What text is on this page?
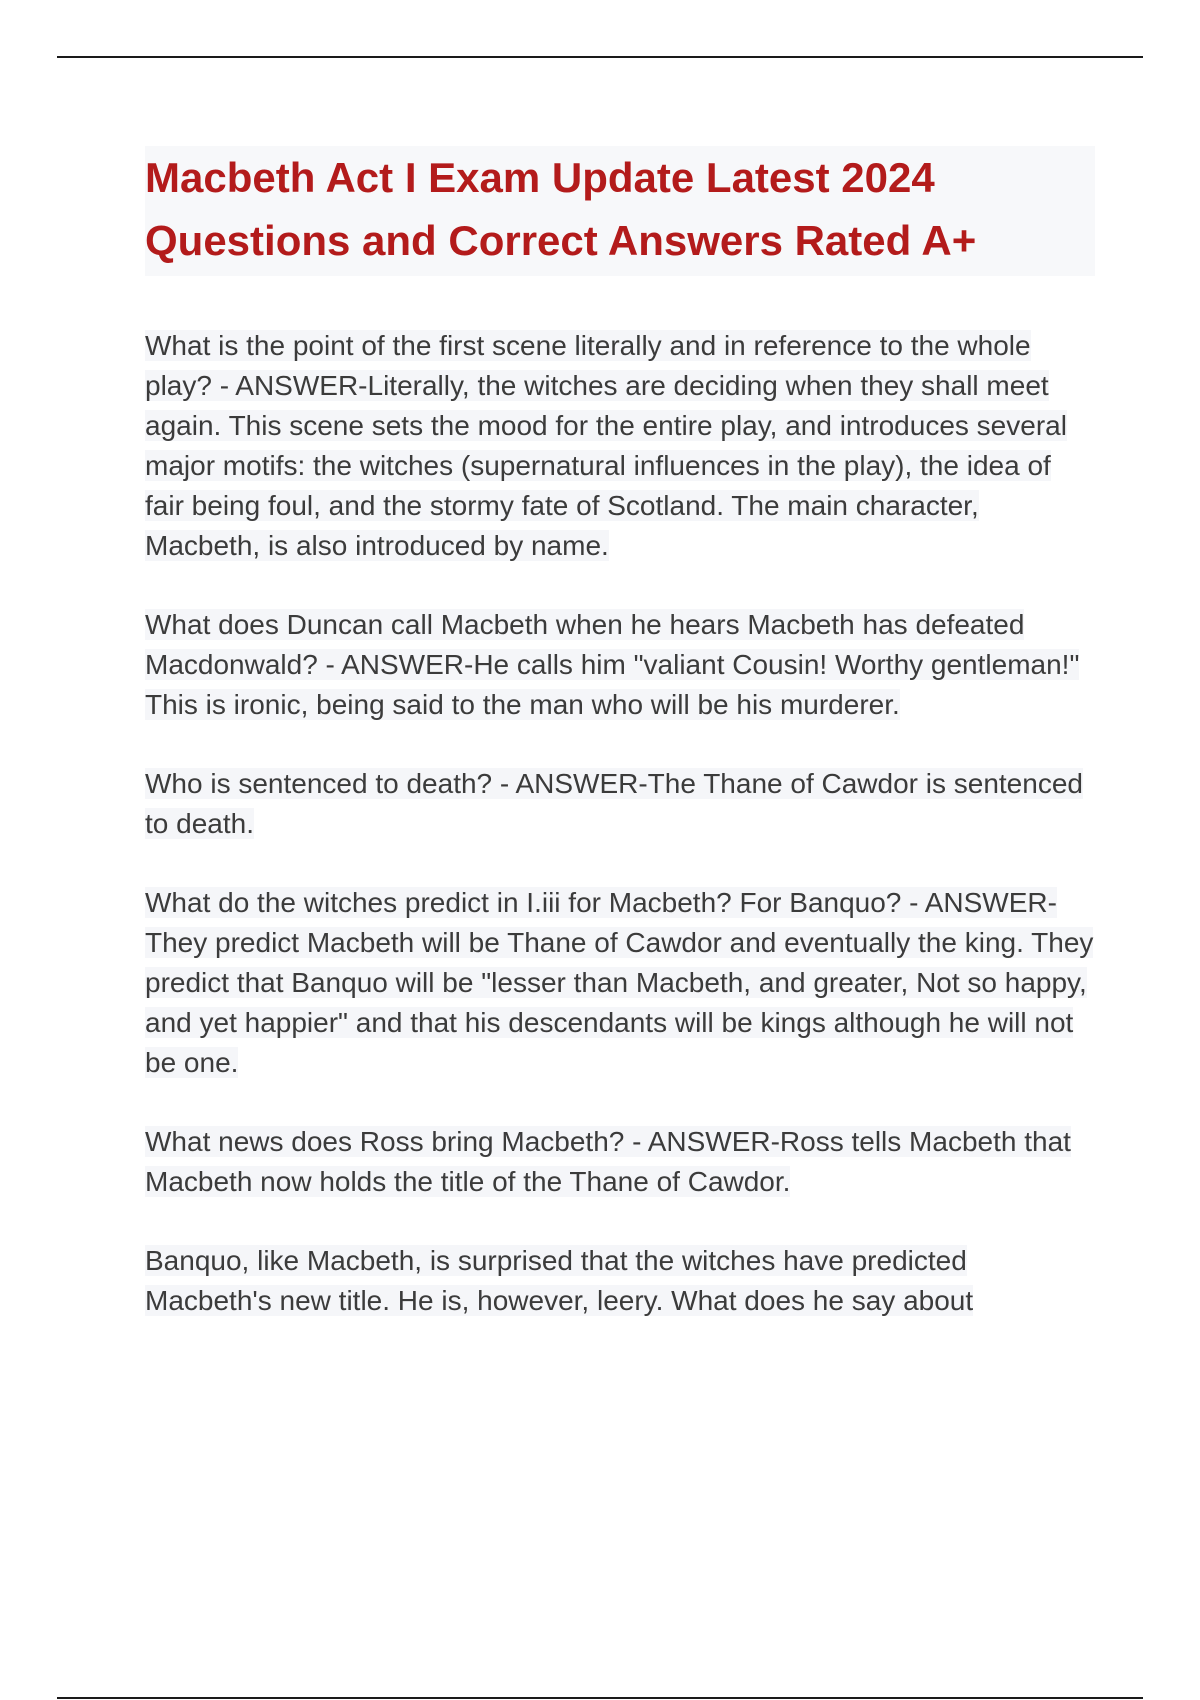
Macbeth Act I Exam Update Latest 2024 Questions and Correct Answers Rated A+

What is the point of the first scene literally and in reference to the whole play? - ANSWER-Literally, the witches are deciding when they shall meet again. This scene sets the mood for the entire play, and introduces several major motifs: the witches (supernatural influences in the play), the idea of fair being foul, and the stormy fate of Scotland. The main character, Macbeth, is also introduced by name.

What does Duncan call Macbeth when he hears Macbeth has defeated Macdonwald? - ANSWER-He calls him "valiant Cousin! Worthy gentleman!" This is ironic, being said to the man who will be his murderer.

Who is sentenced to death? - ANSWER-The Thane of Cawdor is sentenced to death.

What do the witches predict in I.iii for Macbeth? For Banquo? - ANSWER-They predict Macbeth will be Thane of Cawdor and eventually the king. They predict that Banquo will be "lesser than Macbeth, and greater, Not so happy, and yet happier" and that his descendants will be kings although he will not be one.

What news does Ross bring Macbeth? - ANSWER-Ross tells Macbeth that Macbeth now holds the title of the Thane of Cawdor.

Banquo, like Macbeth, is surprised that the witches have predicted Macbeth's new title. He is, however, leery. What does he say about
